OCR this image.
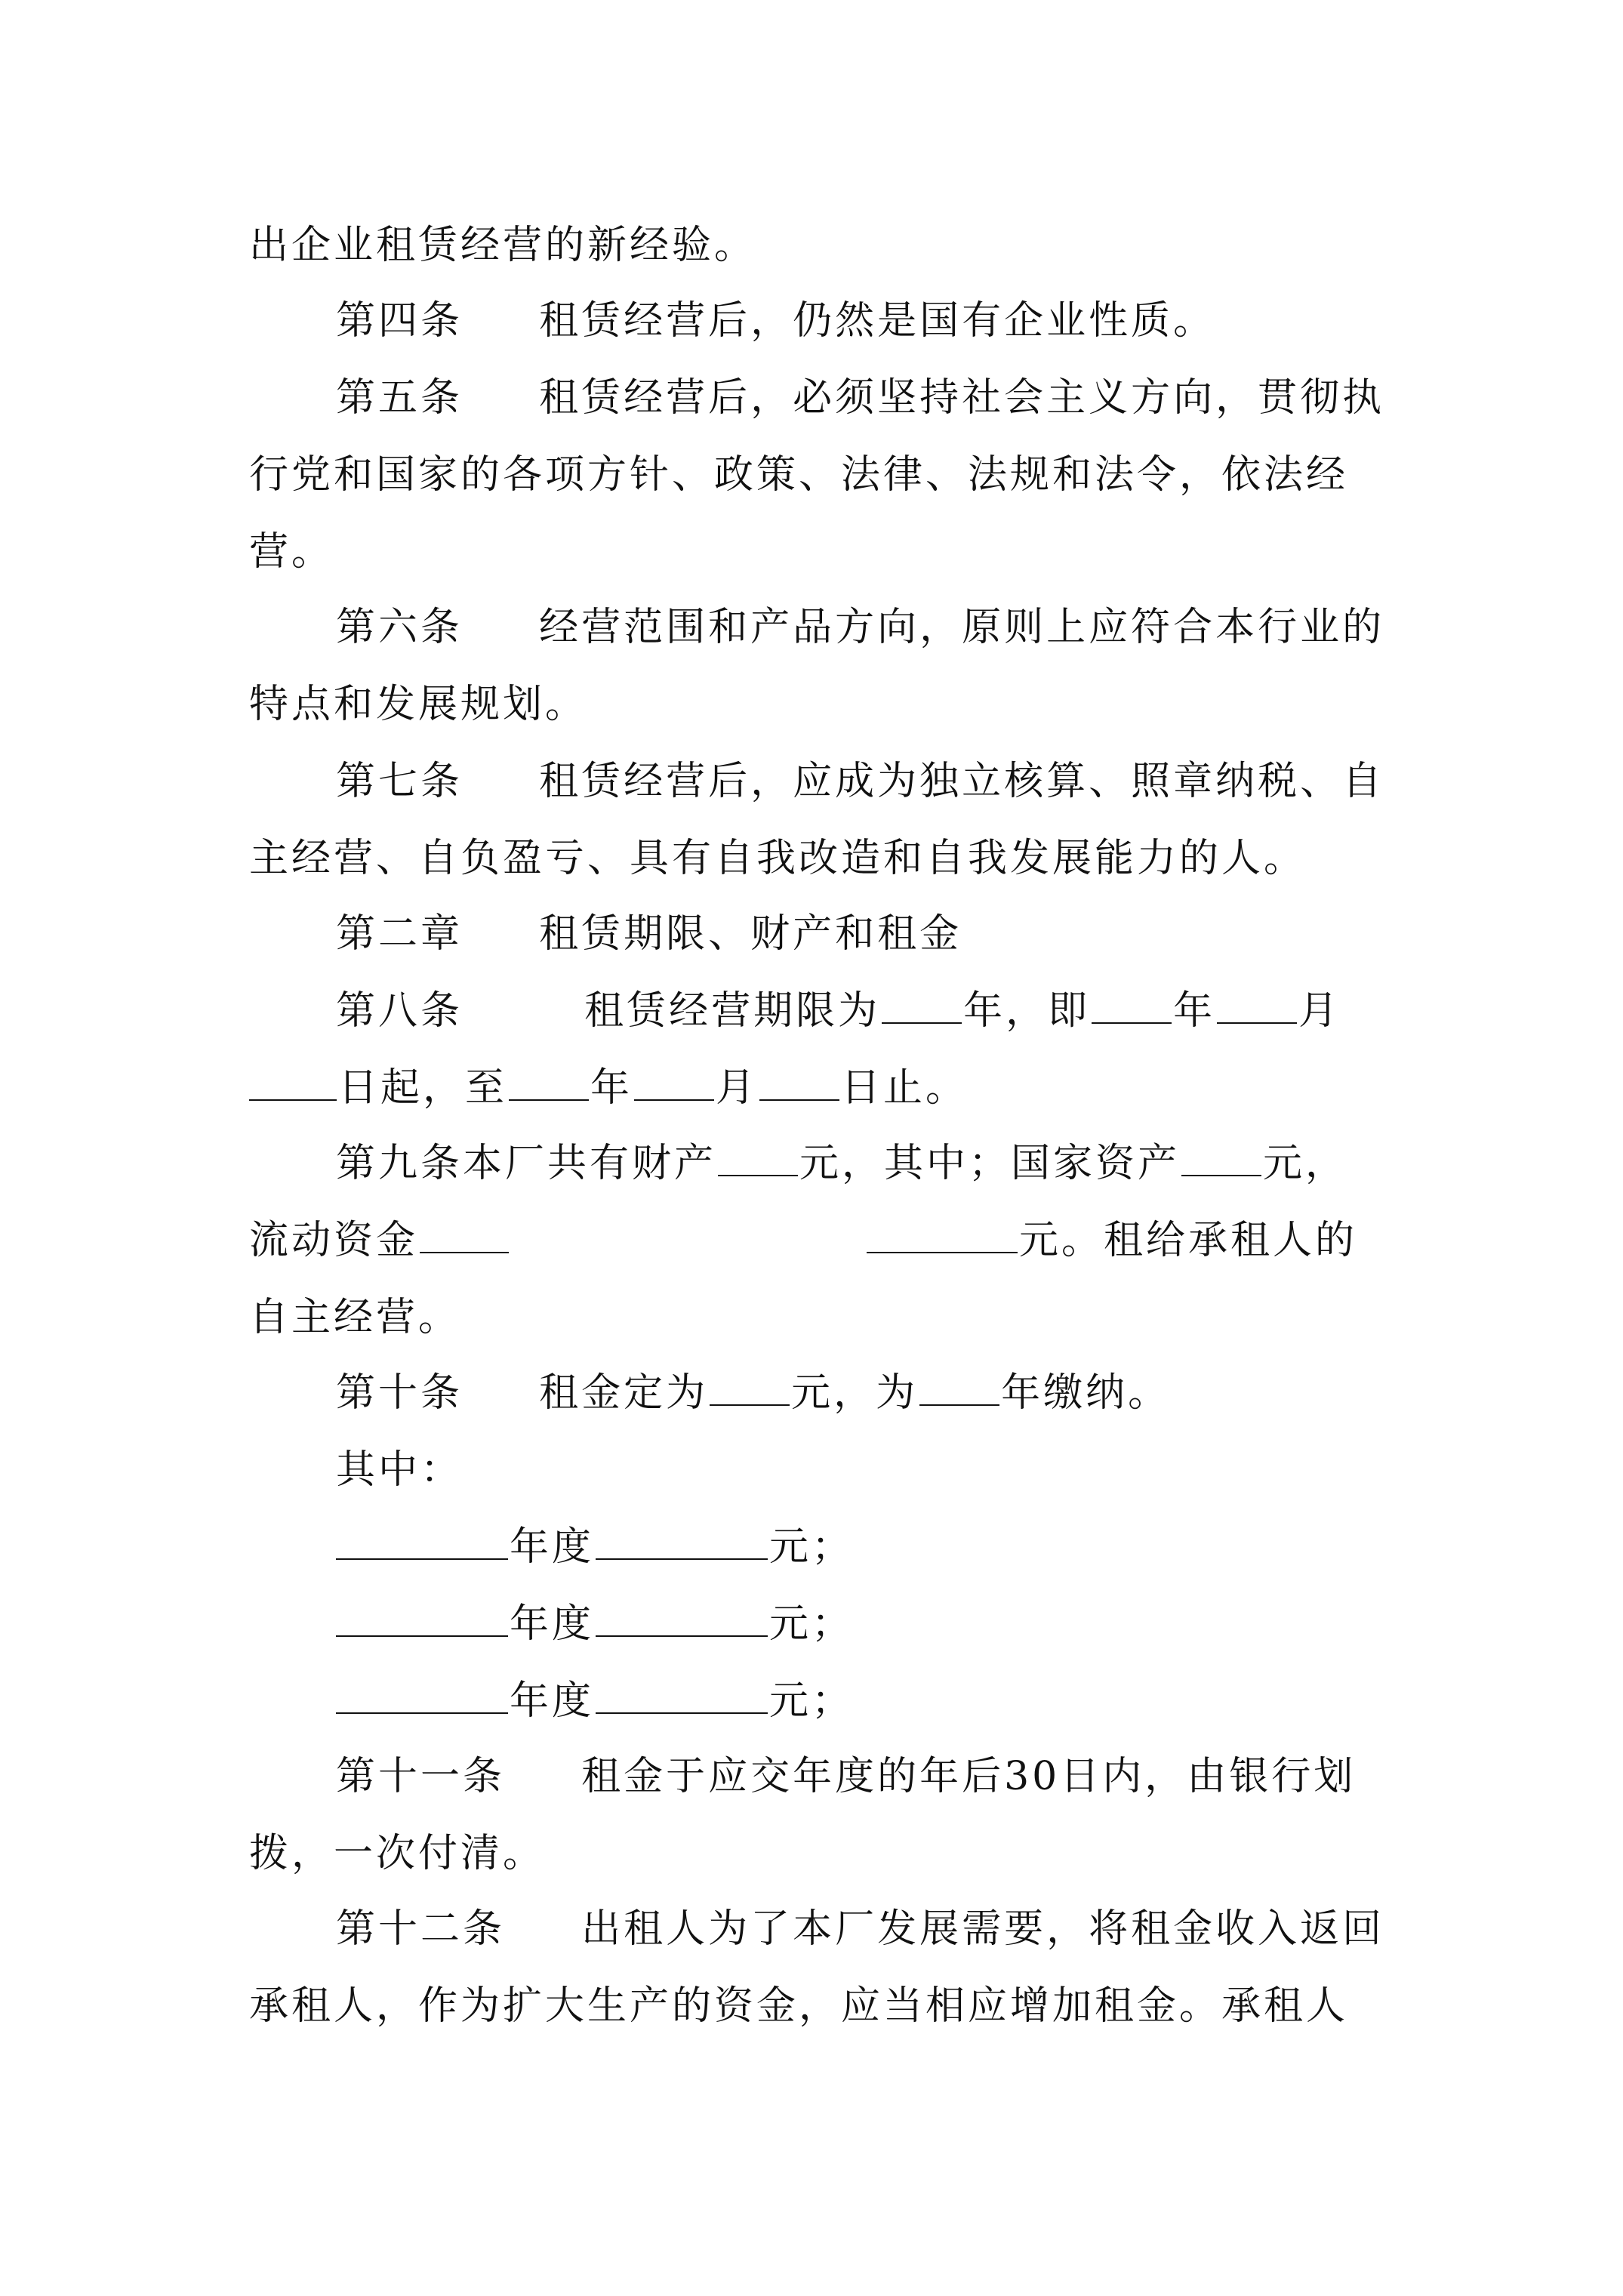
出企业租赁经营的新经验。
第四条 租赁经营后，仍然是国有企业性质。
第五条 租赁经营后，必须坚持社会主义方向，贯彻执
行党和国家的各项方针、政策、法律、法规和法令，依法经
营。
第六条 经营范围和产品方向，原则上应符合本行业的
特点和发展规划。
第七条 租赁经营后，应成为独立核算、照章纳税、自
主经营、自负盈亏、具有自我改造和自我发展能力的人。
第二章 租赁期限、财产和租金
第八条	租赁经营期限为 年，即 年 月
日起，至 年 月 日止。
第九条本厂共有财产 元，其中；国家资产 元，
流动资金	元。租给承租人的
自主经营。
第十条 租金定为 元，为 年缴纳。
其中：
年度	元；
年度	元；
年度	元；
第十一条 租金于应交年度的年后30日内，由银行划
拨，一次付清。
第十二条 出租人为了本厂发展需要，将租金收入返回
承租人，作为扩大生产的资金，应当相应增加租金。承租人
